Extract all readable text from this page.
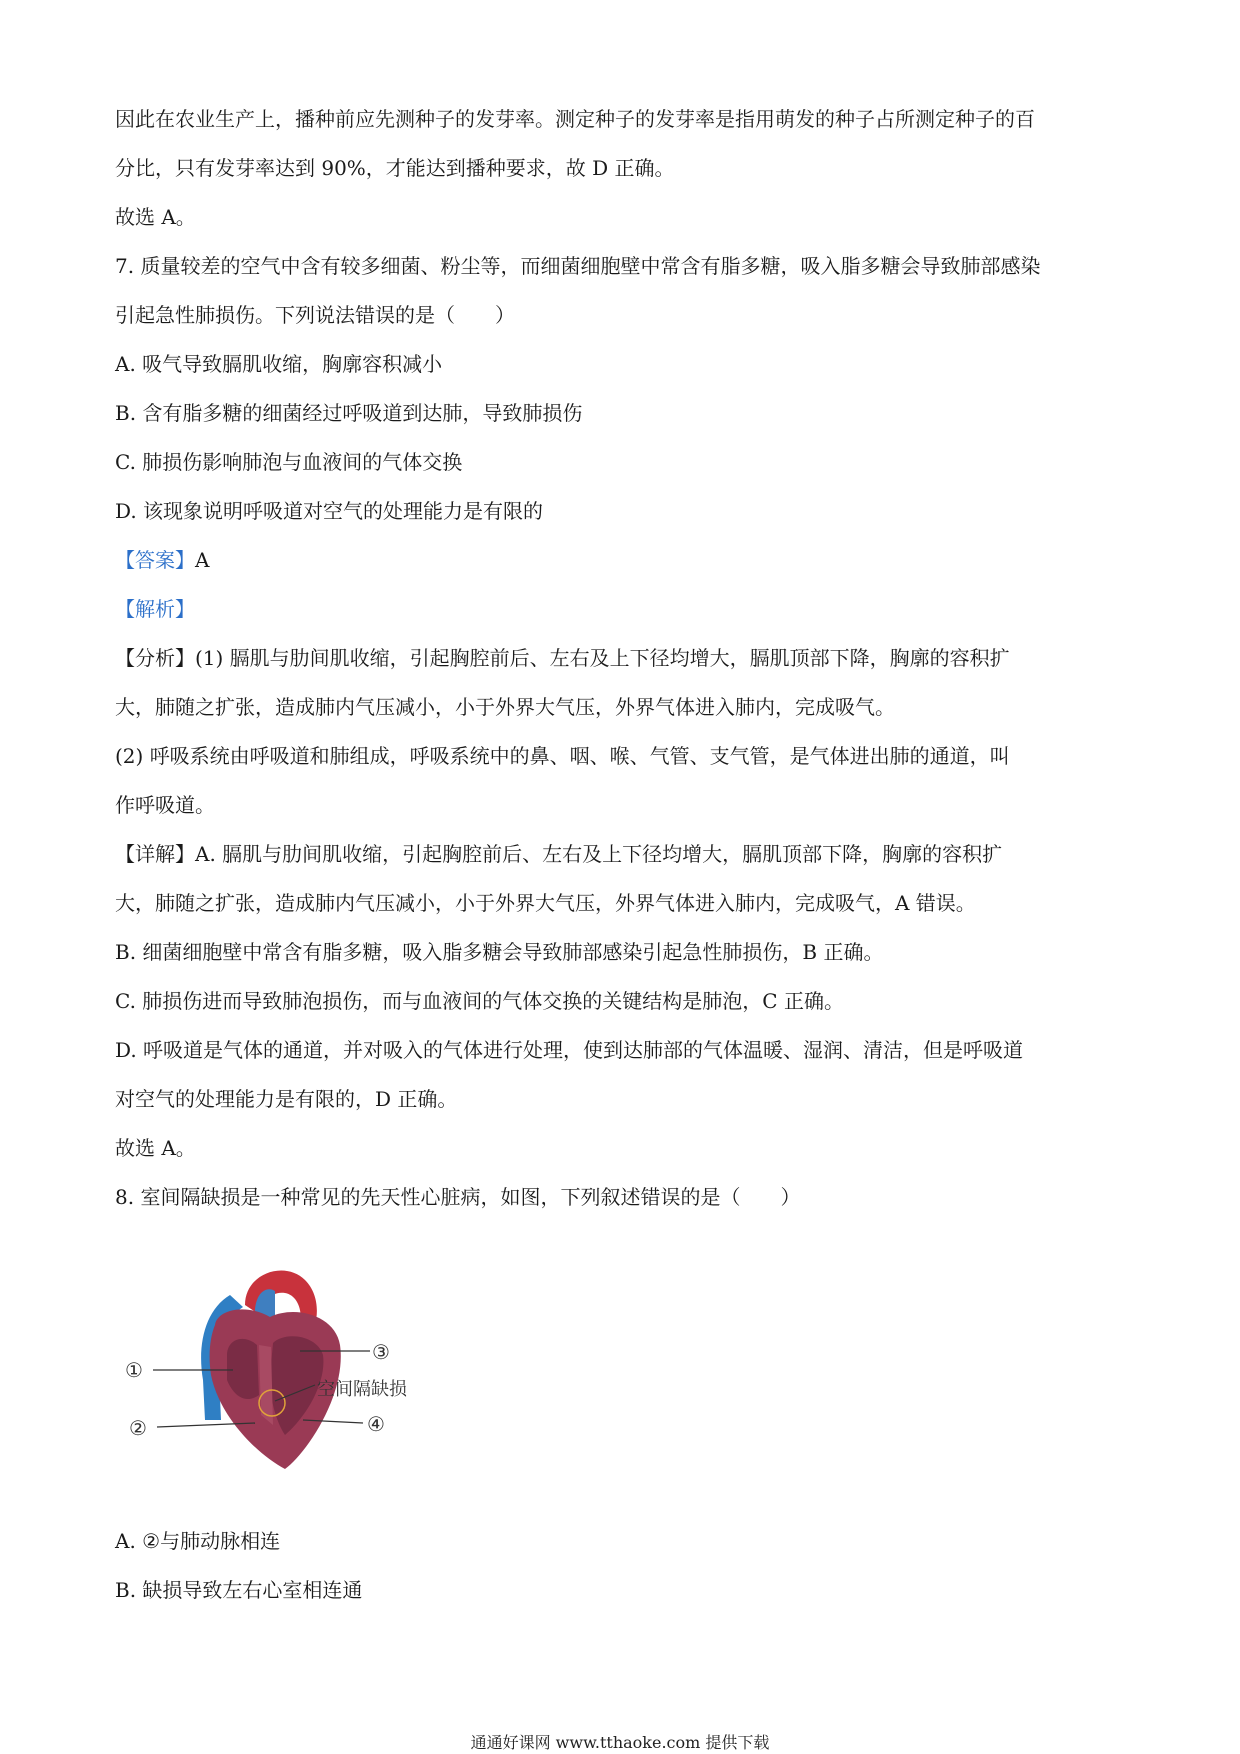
因此在农业生产上，播种前应先测种子的发芽率。测定种子的发芽率是指用萌发的种子占所测定种子的百
分比，只有发芽率达到 90%，才能达到播种要求，故 D 正确。
故选 A。
7. 质量较差的空气中含有较多细菌、粉尘等，而细菌细胞壁中常含有脂多糖，吸入脂多糖会导致肺部感染
引起急性肺损伤。下列说法错误的是（　　）
A. 吸气导致膈肌收缩，胸廓容积减小
B. 含有脂多糖的细菌经过呼吸道到达肺，导致肺损伤
C. 肺损伤影响肺泡与血液间的气体交换
D. 该现象说明呼吸道对空气的处理能力是有限的
【答案】A
【解析】
【分析】(1) 膈肌与肋间肌收缩，引起胸腔前后、左右及上下径均增大，膈肌顶部下降，胸廓的容积扩
大，肺随之扩张，造成肺内气压减小，小于外界大气压，外界气体进入肺内，完成吸气。
(2) 呼吸系统由呼吸道和肺组成，呼吸系统中的鼻、咽、喉、气管、支气管，是气体进出肺的通道，叫
作呼吸道。
【详解】A. 膈肌与肋间肌收缩，引起胸腔前后、左右及上下径均增大，膈肌顶部下降，胸廓的容积扩
大，肺随之扩张，造成肺内气压减小，小于外界大气压，外界气体进入肺内，完成吸气，A 错误。
B. 细菌细胞壁中常含有脂多糖，吸入脂多糖会导致肺部感染引起急性肺损伤，B 正确。
C. 肺损伤进而导致肺泡损伤，而与血液间的气体交换的关键结构是肺泡，C 正确。
D. 呼吸道是气体的通道，并对吸入的气体进行处理，使到达肺部的气体温暖、湿润、清洁，但是呼吸道
对空气的处理能力是有限的，D 正确。
故选 A。
8. 室间隔缺损是一种常见的先天性心脏病，如图，下列叙述错误的是（　　）
①
②
③
④
空间隔缺损
A. ②与肺动脉相连
B. 缺损导致左右心室相连通
通通好课网 www.tthaoke.com 提供下载
